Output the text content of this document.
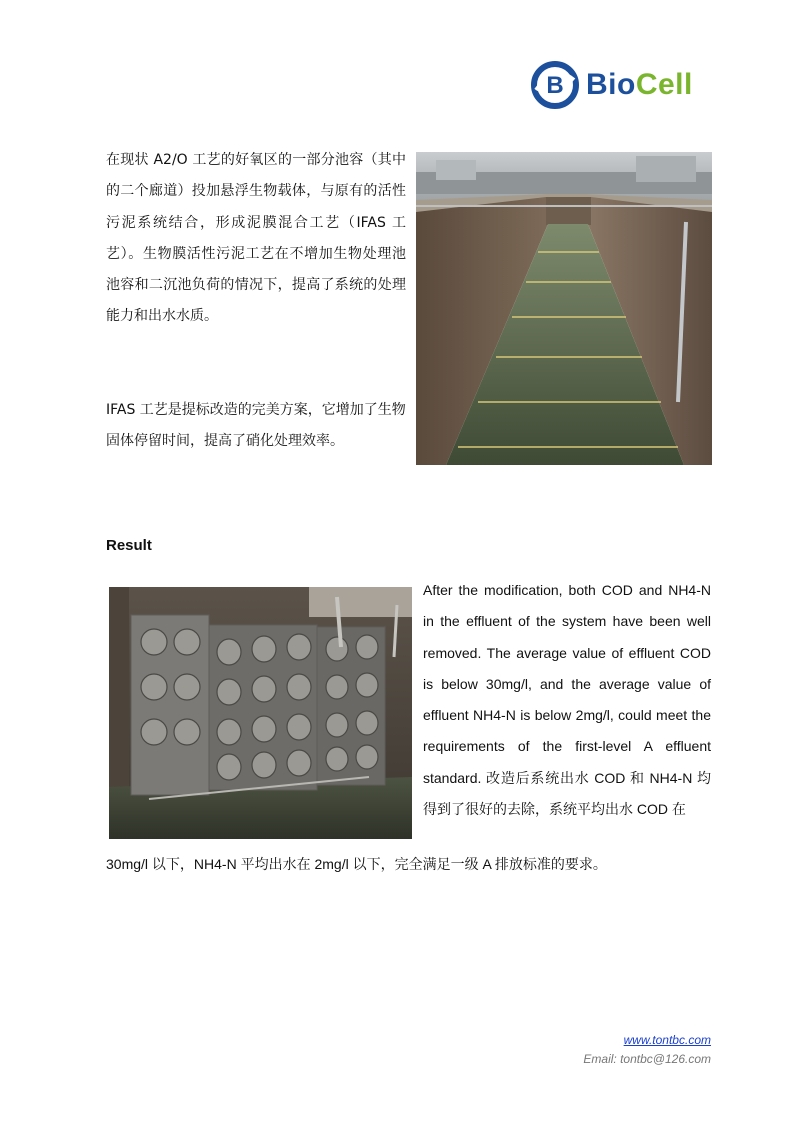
B BioCell

在现状 A2/O 工艺的好氧区的一部分池容（其中的二个廊道）投加悬浮生物载体，与原有的活性污泥系统结合，形成泥膜混合工艺（IFAS 工艺）。生物膜活性污泥工艺在不增加生物处理池池容和二沉池负荷的情况下，提高了系统的处理能力和出水水质。

IFAS 工艺是提标改造的完美方案，它增加了生物固体停留时间，提高了硝化处理效率。

Result

After the modification, both COD and NH4-N in the effluent of the system have been well removed. The average value of effluent COD is below 30mg/l, and the average value of effluent NH4-N is below 2mg/l, could meet the requirements of the first-level A effluent standard. 改造后系统出水 COD 和 NH4-N 均得到了很好的去除，系统平均出水 COD 在

30mg/l 以下，NH4-N 平均出水在 2mg/l 以下，完全满足一级 A 排放标准的要求。

www.tontbc.com
Email: tontbc@126.com
